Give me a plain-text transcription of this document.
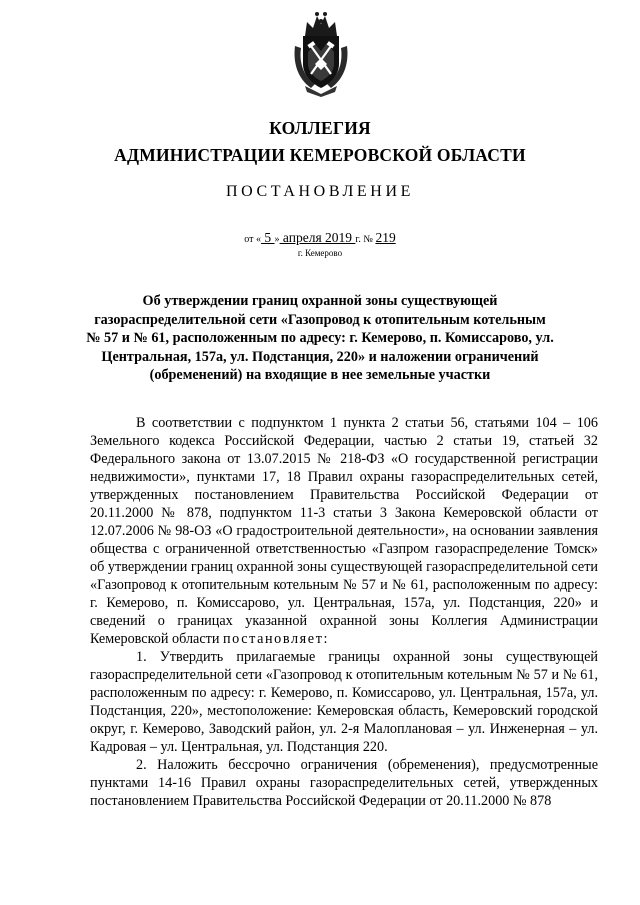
КОЛЛЕГИЯ
АДМИНИСТРАЦИИ КЕМЕРОВСКОЙ ОБЛАСТИ
ПОСТАНОВЛЕНИЕ
от « 5 » апреля 2019 г. № 219
г. Кемерово
Об утверждении границ охранной зоны существующей газораспределительной сети «Газопровод к отопительным котельным № 57 и № 61, расположенным по адресу: г. Кемерово, п. Комиссарово, ул. Центральная, 157а, ул. Подстанция, 220» и наложении ограничений (обременений) на входящие в нее земельные участки

В соответствии с подпунктом 1 пункта 2 статьи 56, статьями 104 – 106 Земельного кодекса Российской Федерации, частью 2 статьи 19, статьей 32 Федерального закона от 13.07.2015 № 218-ФЗ «О государственной регистрации недвижимости», пунктами 17, 18 Правил охраны газораспределительных сетей, утвержденных постановлением Правительства Российской Федерации от 20.11.2000 № 878, подпунктом 11-3 статьи 3 Закона Кемеровской области от 12.07.2006 № 98-ОЗ «О градостроительной деятельности», на основании заявления общества с ограниченной ответственностью «Газпром газораспределение Томск» об утверждении границ охранной зоны существующей газораспределительной сети «Газопровод к отопительным котельным № 57 и № 61, расположенным по адресу: г. Кемерово, п. Комиссарово, ул. Центральная, 157а, ул. Подстанция, 220» и сведений о границах указанной охранной зоны Коллегия Администрации Кемеровской области постановляет:

1. Утвердить прилагаемые границы охранной зоны существующей газораспределительной сети «Газопровод к отопительным котельным № 57 и № 61, расположенным по адресу: г. Кемерово, п. Комиссарово, ул. Центральная, 157а, ул. Подстанция, 220», местоположение: Кемеровская область, Кемеровский городской округ, г. Кемерово, Заводский район, ул. 2-я Малоплановая – ул. Инженерная – ул. Кадровая – ул. Центральная, ул. Подстанция 220.

2. Наложить бессрочно ограничения (обременения), предусмотренные пунктами 14-16 Правил охраны газораспределительных сетей, утвержденных постановлением Правительства Российской Федерации от 20.11.2000 № 878
